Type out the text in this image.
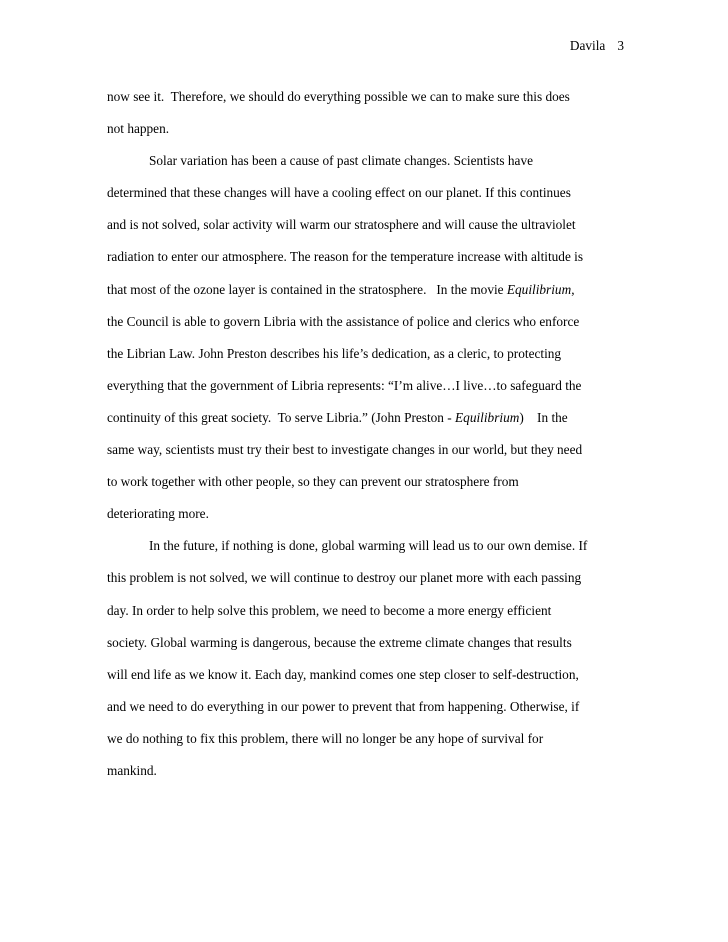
Davila 3
now see it.  Therefore, we should do everything possible we can to make sure this does
not happen.
Solar variation has been a cause of past climate changes. Scientists have
determined that these changes will have a cooling effect on our planet. If this continues
and is not solved, solar activity will warm our stratosphere and will cause the ultraviolet
radiation to enter our atmosphere. The reason for the temperature increase with altitude is
that most of the ozone layer is contained in the stratosphere.   In the movie Equilibrium,
the Council is able to govern Libria with the assistance of police and clerics who enforce
the Librian Law. John Preston describes his life’s dedication, as a cleric, to protecting
everything that the government of Libria represents: “I’m alive…I live…to safeguard the
continuity of this great society.  To serve Libria.” (John Preston - Equilibrium)    In the
same way, scientists must try their best to investigate changes in our world, but they need
to work together with other people, so they can prevent our stratosphere from
deteriorating more.
In the future, if nothing is done, global warming will lead us to our own demise. If
this problem is not solved, we will continue to destroy our planet more with each passing
day. In order to help solve this problem, we need to become a more energy efficient
society. Global warming is dangerous, because the extreme climate changes that results
will end life as we know it. Each day, mankind comes one step closer to self-destruction,
and we need to do everything in our power to prevent that from happening. Otherwise, if
we do nothing to fix this problem, there will no longer be any hope of survival for
mankind.
